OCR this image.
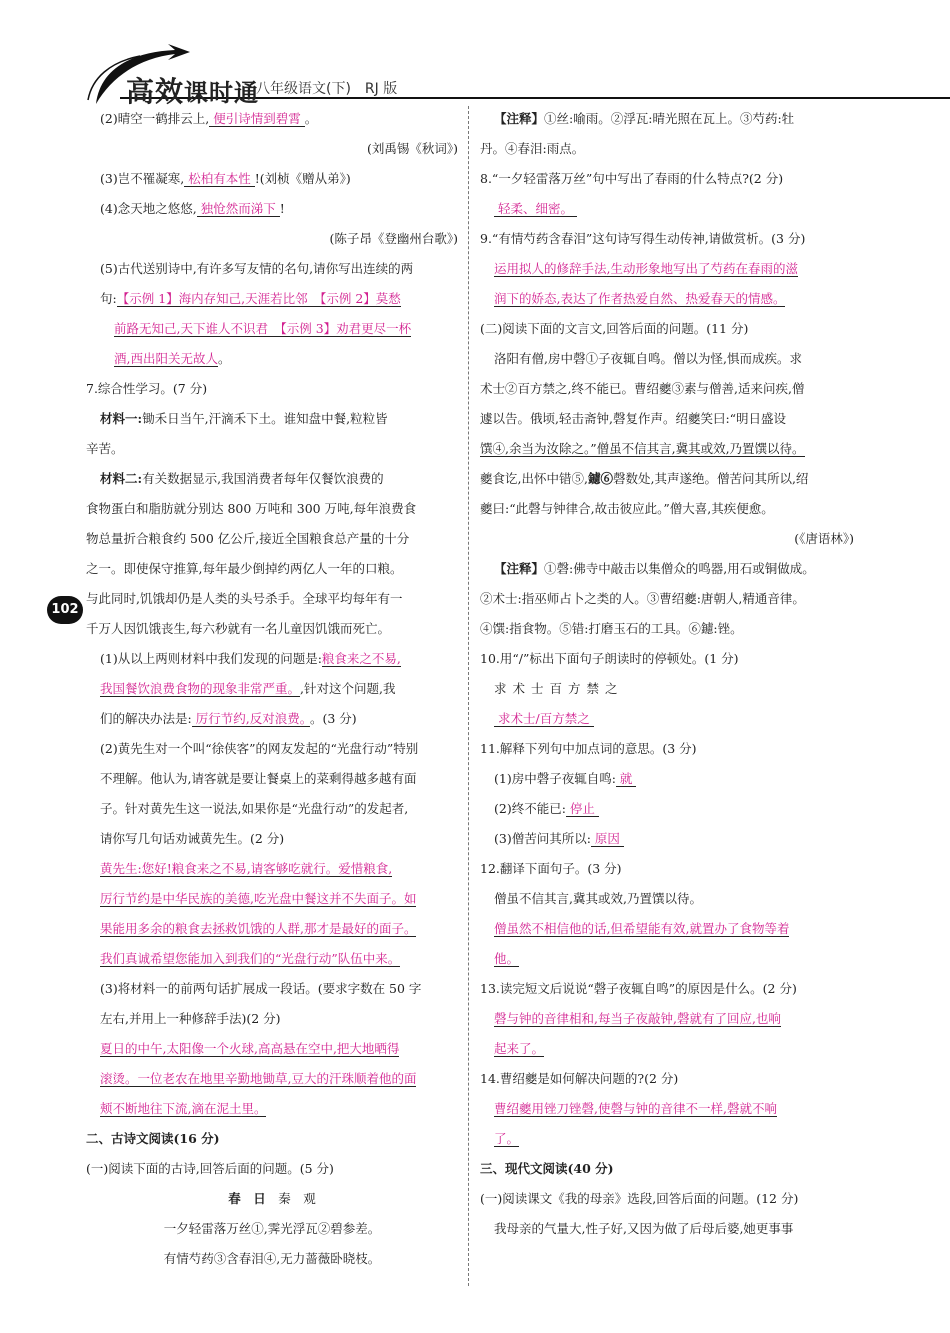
高效课时通
八年级语文(下)　RJ 版
102
(2)晴空一鹤排云上, 便引诗情到碧霄 。
(刘禹锡《秋词》)
(3)岂不罹凝寒, 松柏有本性 !(刘桢《赠从弟》)
(4)念天地之悠悠, 独怆然而涕下 !
(陈子昂《登幽州台歌》)
(5)古代送别诗中,有许多写友情的名句,请你写出连续的两
句:【示例 1】海内存知己,天涯若比邻　【示例 2】莫愁
前路无知己,天下谁人不识君　【示例 3】劝君更尽一杯
酒,西出阳关无故人。
7.综合性学习。(7 分)
材料一:锄禾日当午,汗滴禾下土。谁知盘中餐,粒粒皆
辛苦。
材料二:有关数据显示,我国消费者每年仅餐饮浪费的
食物蛋白和脂肪就分别达 800 万吨和 300 万吨,每年浪费食
物总量折合粮食约 500 亿公斤,接近全国粮食总产量的十分
之一。即使保守推算,每年最少倒掉约两亿人一年的口粮。
与此同时,饥饿却仍是人类的头号杀手。全球平均每年有一
千万人因饥饿丧生,每六秒就有一名儿童因饥饿而死亡。
(1)从以上两则材料中我们发现的问题是:粮食来之不易,
我国餐饮浪费食物的现象非常严重。,针对这个问题,我
们的解决办法是: 厉行节约,反对浪费。 。(3 分)
(2)黄先生对一个叫“徐侠客”的网友发起的“光盘行动”特别
不理解。他认为,请客就是要让餐桌上的菜剩得越多越有面
子。针对黄先生这一说法,如果你是“光盘行动”的发起者,
请你写几句话劝诫黄先生。(2 分)
黄先生:您好!粮食来之不易,请客够吃就行。爱惜粮食,
厉行节约是中华民族的美德,吃光盘中餐这并不失面子。如
果能用多余的粮食去拯救饥饿的人群,那才是最好的面子。
我们真诚希望您能加入到我们的“光盘行动”队伍中来。
(3)将材料一的前两句话扩展成一段话。(要求字数在 50 字
左右,并用上一种修辞手法)(2 分)
夏日的中午,太阳像一个火球,高高悬在空中,把大地晒得
滚烫。一位老农在地里辛勤地锄草,豆大的汗珠顺着他的面
颊不断地往下流,滴在泥土里。
二、古诗文阅读(16 分)
(一)阅读下面的古诗,回答后面的问题。(5 分)
春　日　 秦　观
一夕轻雷落万丝①,霁光浮瓦②碧参差。
有情芍药③含春泪④,无力蔷薇卧晓枝。
【注释】①丝:喻雨。②浮瓦:晴光照在瓦上。③芍药:牡
丹。④春泪:雨点。
8.“一夕轻雷落万丝”句中写出了春雨的什么特点?(2 分)
轻柔、细密。
9.“有情芍药含春泪”这句诗写得生动传神,请做赏析。(3 分)
运用拟人的修辞手法,生动形象地写出了芍药在春雨的滋
润下的娇态,表达了作者热爱自然、热爱春天的情感。
(二)阅读下面的文言文,回答后面的问题。(11 分)
洛阳有僧,房中磬①子夜辄自鸣。僧以为怪,惧而成疾。求
术士②百方禁之,终不能已。曹绍夔③素与僧善,适来问疾,僧
遽以告。俄顷,轻击斋钟,磬复作声。绍夔笑曰:“明日盛设
馔④,余当为汝除之。”僧虽不信其言,冀其或效,乃置馔以待。
夔食讫,出怀中错⑤,鑢⑥磬数处,其声遂绝。僧苦问其所以,绍
夔曰:“此磬与钟律合,故击彼应此。”僧大喜,其疾便愈。
(《唐语林》)
【注释】①磬:佛寺中敲击以集僧众的鸣器,用石或铜做成。
②术士:指巫师占卜之类的人。③曹绍夔:唐朝人,精通音律。
④馔:指食物。⑤错:打磨玉石的工具。⑥鑢:锉。
10.用“/”标出下面句子朗读时的停顿处。(1 分)
求术士百方禁之
求术士/百方禁之
11.解释下列句中加点词的意思。(3 分)
(1)房中磬子夜辄自鸣: 就
(2)终不能已: 停止
(3)僧苦问其所以: 原因
12.翻译下面句子。(3 分)
僧虽不信其言,冀其或效,乃置馔以待。
僧虽然不相信他的话,但希望能有效,就置办了食物等着
他。
13.读完短文后说说“磬子夜辄自鸣”的原因是什么。(2 分)
磬与钟的音律相和,每当子夜敲钟,磬就有了回应,也响
起来了。
14.曹绍夔是如何解决问题的?(2 分)
曹绍夔用锉刀锉磬,使磬与钟的音律不一样,磬就不响
了。
三、现代文阅读(40 分)
(一)阅读课文《我的母亲》选段,回答后面的问题。(12 分)
我母亲的气量大,性子好,又因为做了后母后婆,她更事事
